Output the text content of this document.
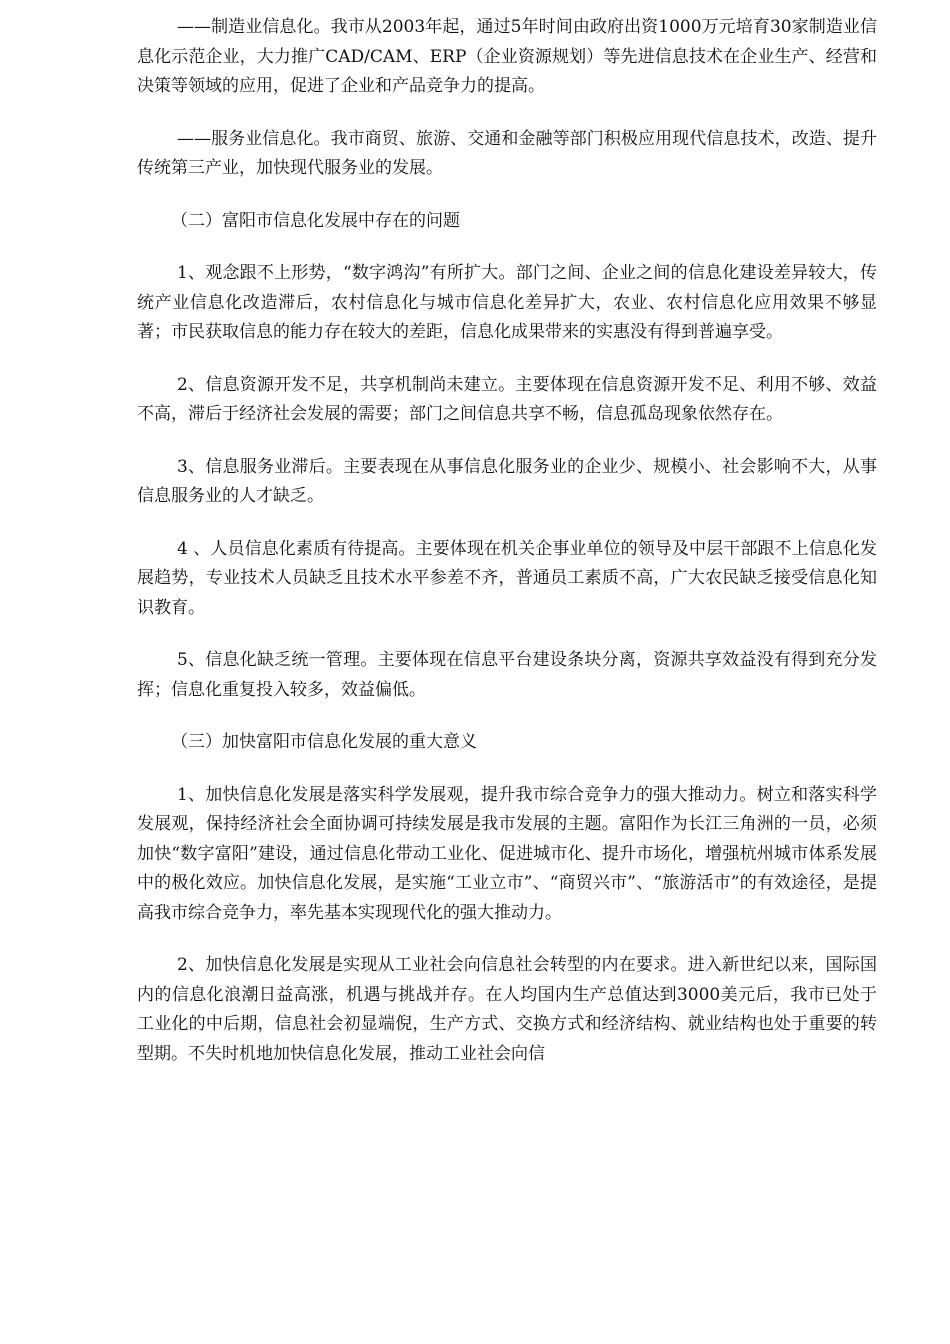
——制造业信息化。我市从2003年起，通过5年时间由政府出资1000万元培育30家制造业信息化示范企业，大力推广CAD/CAM、ERP（企业资源规划）等先进信息技术在企业生产、经营和决策等领域的应用，促进了企业和产品竞争力的提高。

——服务业信息化。我市商贸、旅游、交通和金融等部门积极应用现代信息技术，改造、提升传统第三产业，加快现代服务业的发展。

（二）富阳市信息化发展中存在的问题

1、观念跟不上形势，“数字鸿沟”有所扩大。部门之间、企业之间的信息化建设差异较大，传统产业信息化改造滞后，农村信息化与城市信息化差异扩大，农业、农村信息化应用效果不够显著；市民获取信息的能力存在较大的差距，信息化成果带来的实惠没有得到普遍享受。

2、信息资源开发不足，共享机制尚未建立。主要体现在信息资源开发不足、利用不够、效益不高，滞后于经济社会发展的需要；部门之间信息共享不畅，信息孤岛现象依然存在。

3、信息服务业滞后。主要表现在从事信息化服务业的企业少、规模小、社会影响不大，从事信息服务业的人才缺乏。

4 、人员信息化素质有待提高。主要体现在机关企事业单位的领导及中层干部跟不上信息化发展趋势，专业技术人员缺乏且技术水平参差不齐，普通员工素质不高，广大农民缺乏接受信息化知识教育。

5、信息化缺乏统一管理。主要体现在信息平台建设条块分离，资源共享效益没有得到充分发挥；信息化重复投入较多，效益偏低。

（三）加快富阳市信息化发展的重大意义

1、加快信息化发展是落实科学发展观，提升我市综合竞争力的强大推动力。树立和落实科学发展观，保持经济社会全面协调可持续发展是我市发展的主题。富阳作为长江三角洲的一员，必须加快“数字富阳”建设，通过信息化带动工业化、促进城市化、提升市场化，增强杭州城市体系发展中的极化效应。加快信息化发展，是实施“工业立市”、“商贸兴市”、“旅游活市”的有效途径，是提高我市综合竞争力，率先基本实现现代化的强大推动力。

2、加快信息化发展是实现从工业社会向信息社会转型的内在要求。进入新世纪以来，国际国内的信息化浪潮日益高涨，机遇与挑战并存。在人均国内生产总值达到3000美元后，我市已处于工业化的中后期，信息社会初显端倪，生产方式、交换方式和经济结构、就业结构也处于重要的转型期。不失时机地加快信息化发展，推动工业社会向信
